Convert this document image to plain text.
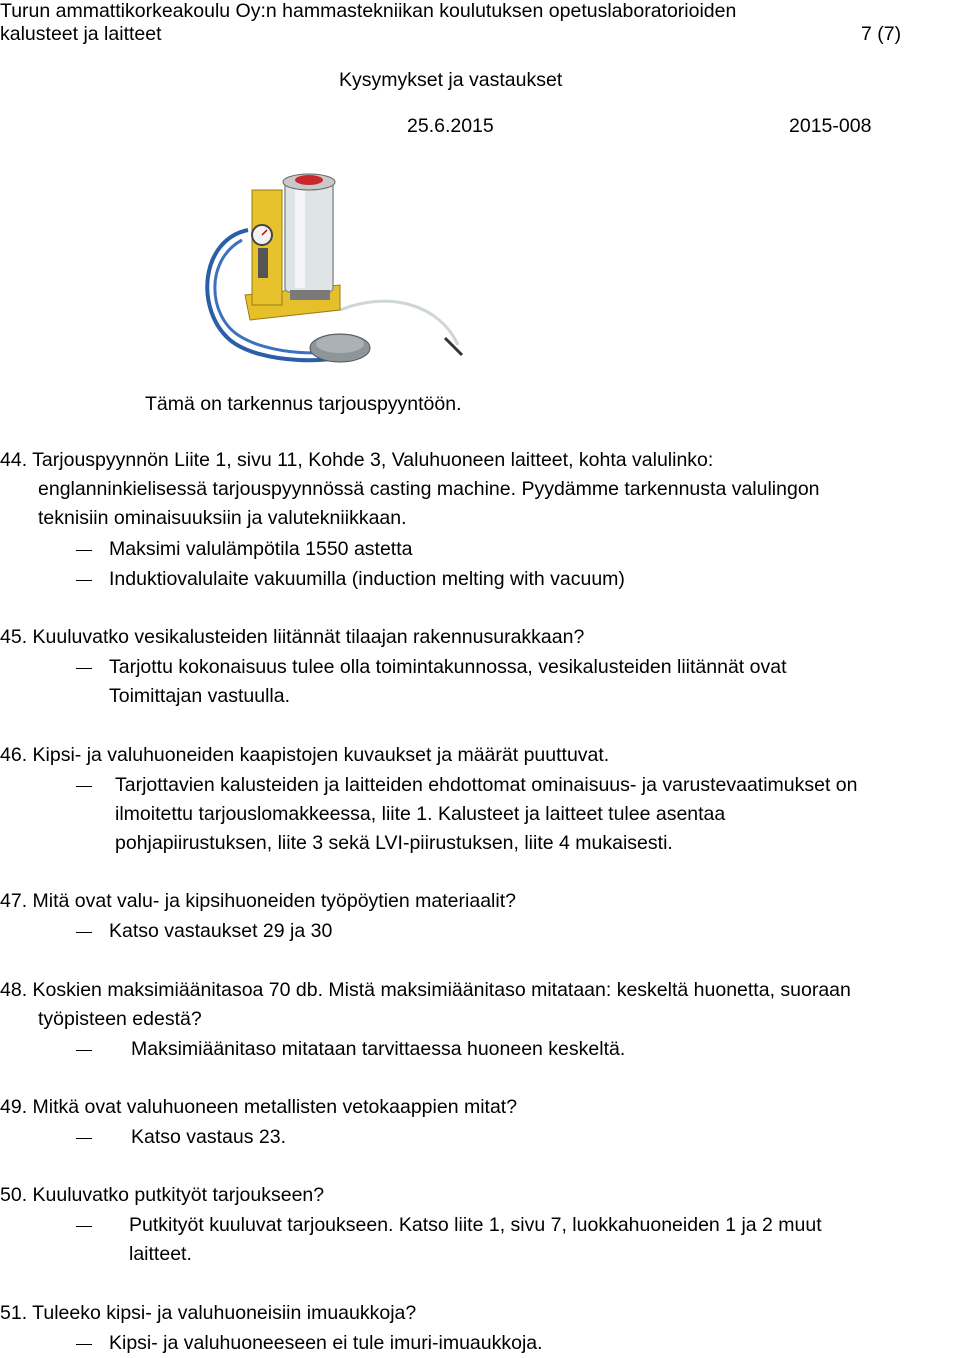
Turun ammattikorkeakoulu Oy:n hammastekniikan koulutuksen opetuslaboratorioiden
kalusteet ja laitteet	7 (7)
Kysymykset ja vastaukset
25.6.2015	2015-008
Tämä on tarkennus tarjouspyyntöön.
44. Tarjouspyynnön Liite 1, sivu 11, Kohde 3, Valuhuoneen laitteet, kohta valulinko:
englanninkielisessä tarjouspyynnössä casting machine. Pyydämme tarkennusta valulingon
teknisiin ominaisuuksiin ja valutekniikkaan.
Maksimi valulämpötila 1550 astetta
Induktiovalulaite vakuumilla (induction melting with vacuum)
45. Kuuluvatko vesikalusteiden liitännät tilaajan rakennusurakkaan?
Tarjottu kokonaisuus tulee olla toimintakunnossa, vesikalusteiden liitännät ovat
Toimittajan vastuulla.
46. Kipsi- ja valuhuoneiden kaapistojen kuvaukset ja määrät puuttuvat.
Tarjottavien kalusteiden ja laitteiden ehdottomat ominaisuus- ja varustevaatimukset on
ilmoitettu tarjouslomakkeessa, liite 1. Kalusteet ja laitteet tulee asentaa
pohjapiirustuksen, liite 3 sekä LVI-piirustuksen, liite 4 mukaisesti.
47. Mitä ovat valu- ja kipsihuoneiden työpöytien materiaalit?
Katso vastaukset 29 ja 30
48. Koskien maksimiäänitasoa 70 db. Mistä maksimiäänitaso mitataan: keskeltä huonetta, suoraan
työpisteen edestä?
Maksimiäänitaso mitataan tarvittaessa huoneen keskeltä.
49. Mitkä ovat valuhuoneen metallisten vetokaappien mitat?
Katso vastaus 23.
50. Kuuluvatko putkityöt tarjoukseen?
Putkityöt kuuluvat tarjoukseen. Katso liite 1, sivu 7, luokkahuoneiden 1 ja 2 muut
laitteet.
51. Tuleeko kipsi- ja valuhuoneisiin imuaukkoja?
Kipsi- ja valuhuoneeseen ei tule imuri-imuaukkoja.
